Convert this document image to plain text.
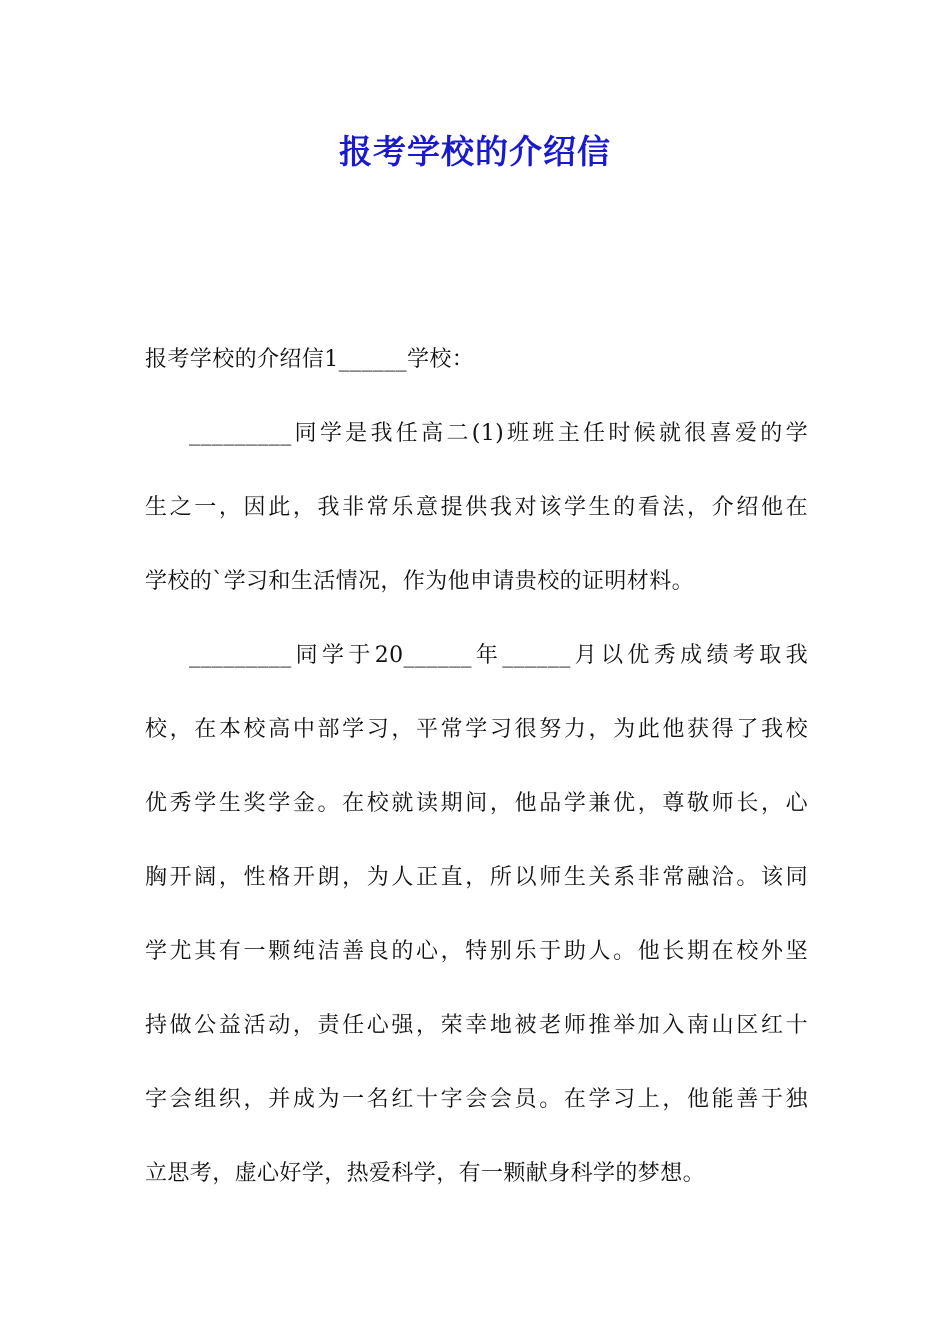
报考学校的介绍信
报考学校的介绍信1______学校：
_________同学是我任高二(1)班班主任时候就很喜爱的学
生之一，因此，我非常乐意提供我对该学生的看法，介绍他在
学校的`学习和生活情况，作为他申请贵校的证明材料。
_________同学于20______年______月以优秀成绩考取我
校，在本校高中部学习，平常学习很努力，为此他获得了我校
优秀学生奖学金。在校就读期间，他品学兼优，尊敬师长，心
胸开阔，性格开朗，为人正直，所以师生关系非常融洽。该同
学尤其有一颗纯洁善良的心，特别乐于助人。他长期在校外坚
持做公益活动，责任心强，荣幸地被老师推举加入南山区红十
字会组织，并成为一名红十字会会员。在学习上，他能善于独
立思考，虚心好学，热爱科学，有一颗献身科学的梦想。
